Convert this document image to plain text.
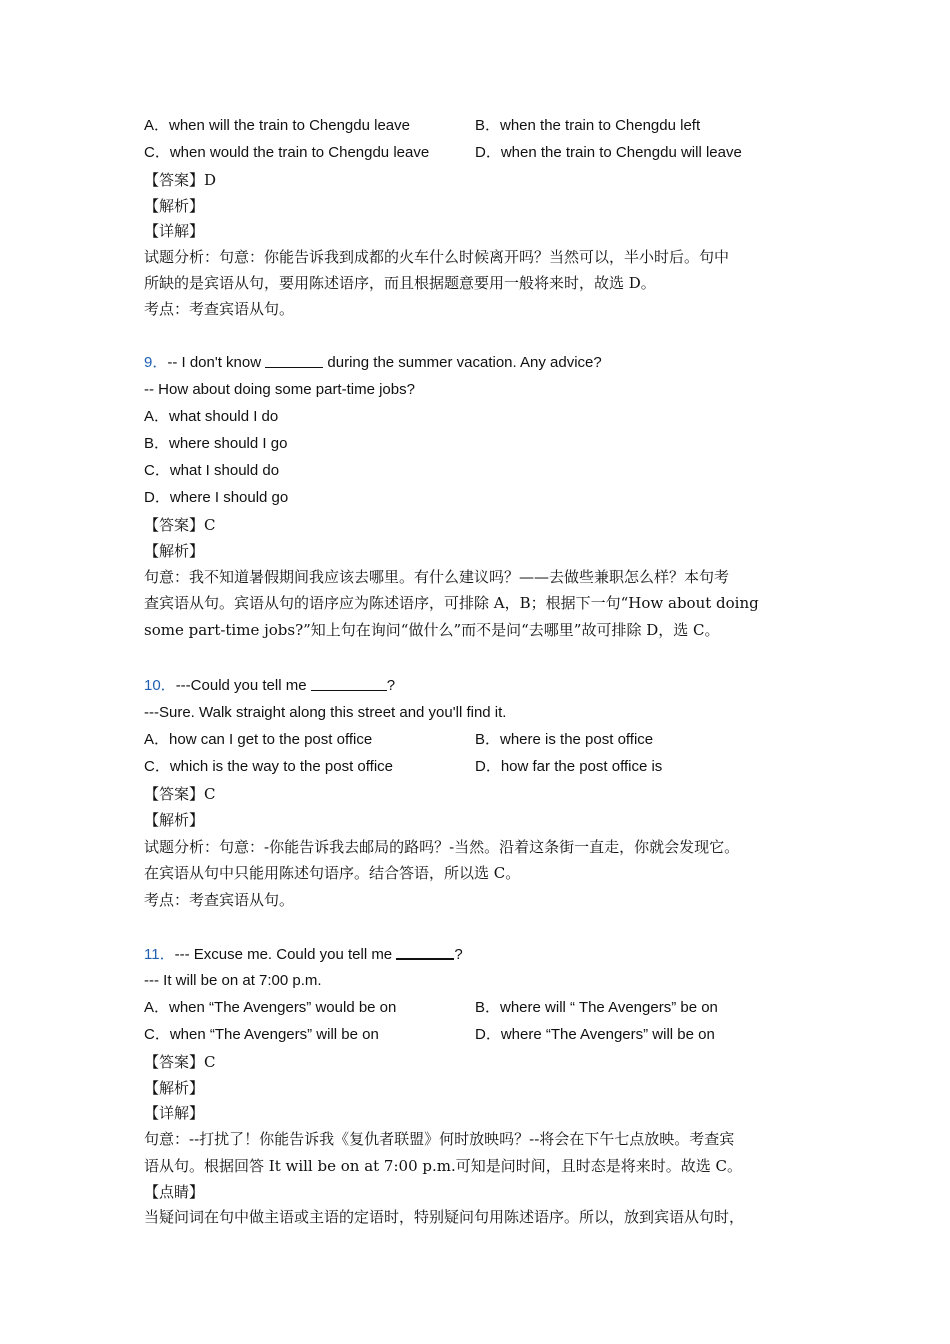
A．when will the train to Chengdu leave	B．when the train to Chengdu left
C．when would the train to Chengdu leave	D．when the train to Chengdu will leave
【答案】D
【解析】
【详解】
试题分析：句意：你能告诉我到成都的火车什么时候离开吗？当然可以，半小时后。句中
所缺的是宾语从句，要用陈述语序，而且根据题意要用一般将来时，故选 D。
考点：考查宾语从句。
9．-- I don't know	during the summer vacation. Any advice?
-- How about doing some part-time jobs?
A．what should I do
B．where should I go
C．what I should do
D．where I should go
【答案】C
【解析】
句意：我不知道暑假期间我应该去哪里。有什么建议吗？——去做些兼职怎么样？本句考
查宾语从句。宾语从句的语序应为陈述语序，可排除 A，B；根据下一句“How about doing
some part-time jobs?”知上句在询问“做什么”而不是问“去哪里”故可排除 D，选 C。
10．---Could you tell me	?
---Sure. Walk straight along this street and you'll find it.
A．how can I get to the post office	B．where is the post office
C．which is the way to the post office	D．how far the post office is
【答案】C
【解析】
试题分析：句意：-你能告诉我去邮局的路吗？-当然。沿着这条街一直走，你就会发现它。
在宾语从句中只能用陈述句语序。结合答语，所以选 C。
考点：考查宾语从句。
11．--- Excuse me. Could you tell me	?
--- It will be on at 7:00 p.m.
A．when “The Avengers” would be on	B．where will “ The Avengers” be on
C．when “The Avengers” will be on	D．where “The Avengers” will be on
【答案】C
【解析】
【详解】
句意：--打扰了！你能告诉我《复仇者联盟》何时放映吗？--将会在下午七点放映。考查宾
语从句。根据回答 It will be on at 7:00 p.m.可知是问时间，且时态是将来时。故选 C。
【点睛】
当疑问词在句中做主语或主语的定语时，特别疑问句用陈述语序。所以，放到宾语从句时，
